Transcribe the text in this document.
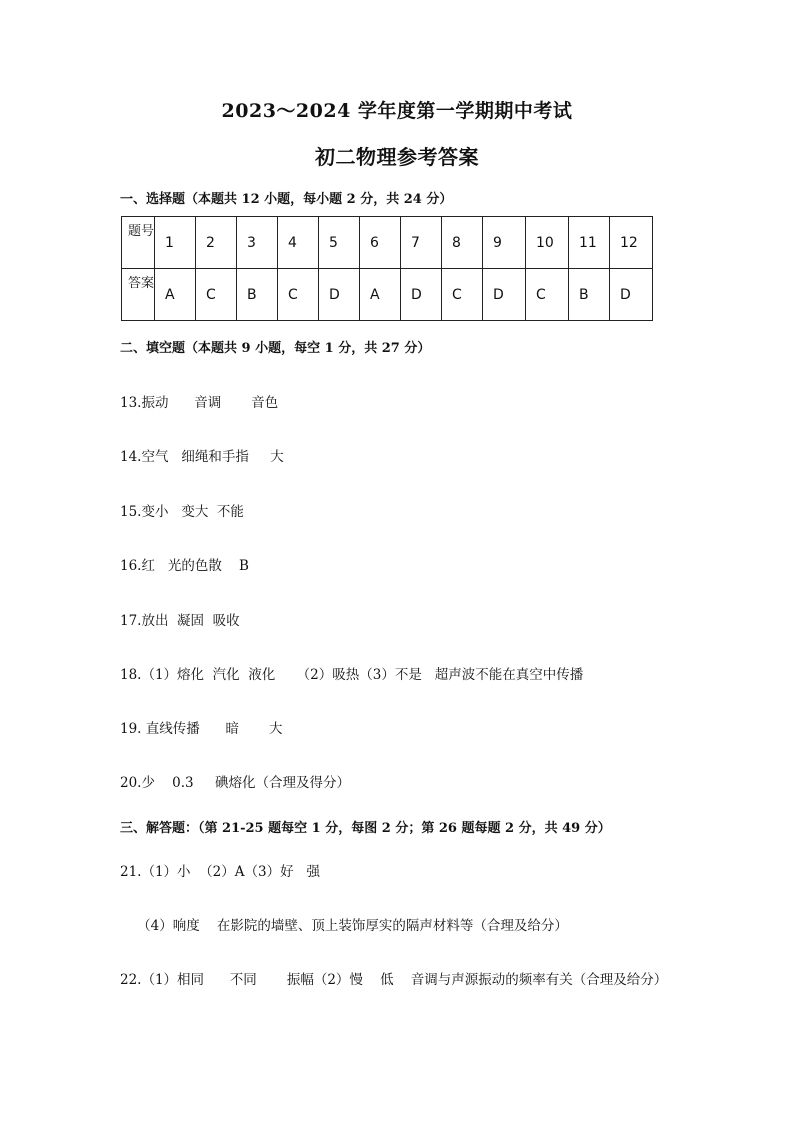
2023～2024 学年度第一学期期中考试
初二物理参考答案
一、选择题（本题共 12 小题，每小题 2 分，共 24 分）
题号	1	2	3	4	5	6	7	8	9	10	11	12
答案	A	C	B	C	D	A	D	C	D	C	B	D
二、填空题（本题共 9 小题，每空 1 分，共 27 分）
13.振动      音调       音色
14.空气   细绳和手指     大
15.变小   变大  不能
16.红   光的色散    B
17.放出  凝固  吸收
18.（1）熔化  汽化  液化     （2）吸热（3）不是   超声波不能在真空中传播
19. 直线传播      暗       大
20.少    0.3     碘熔化（合理及得分）
三、解答题：（第 21-25 题每空 1 分，每图 2 分；第 26 题每题 2 分，共 49 分）
21.（1）小  （2）A（3）好   强
（4）响度    在影院的墙壁、顶上装饰厚实的隔声材料等（合理及给分）
22.（1）相同      不同       振幅（2）慢    低    音调与声源振动的频率有关（合理及给分）
